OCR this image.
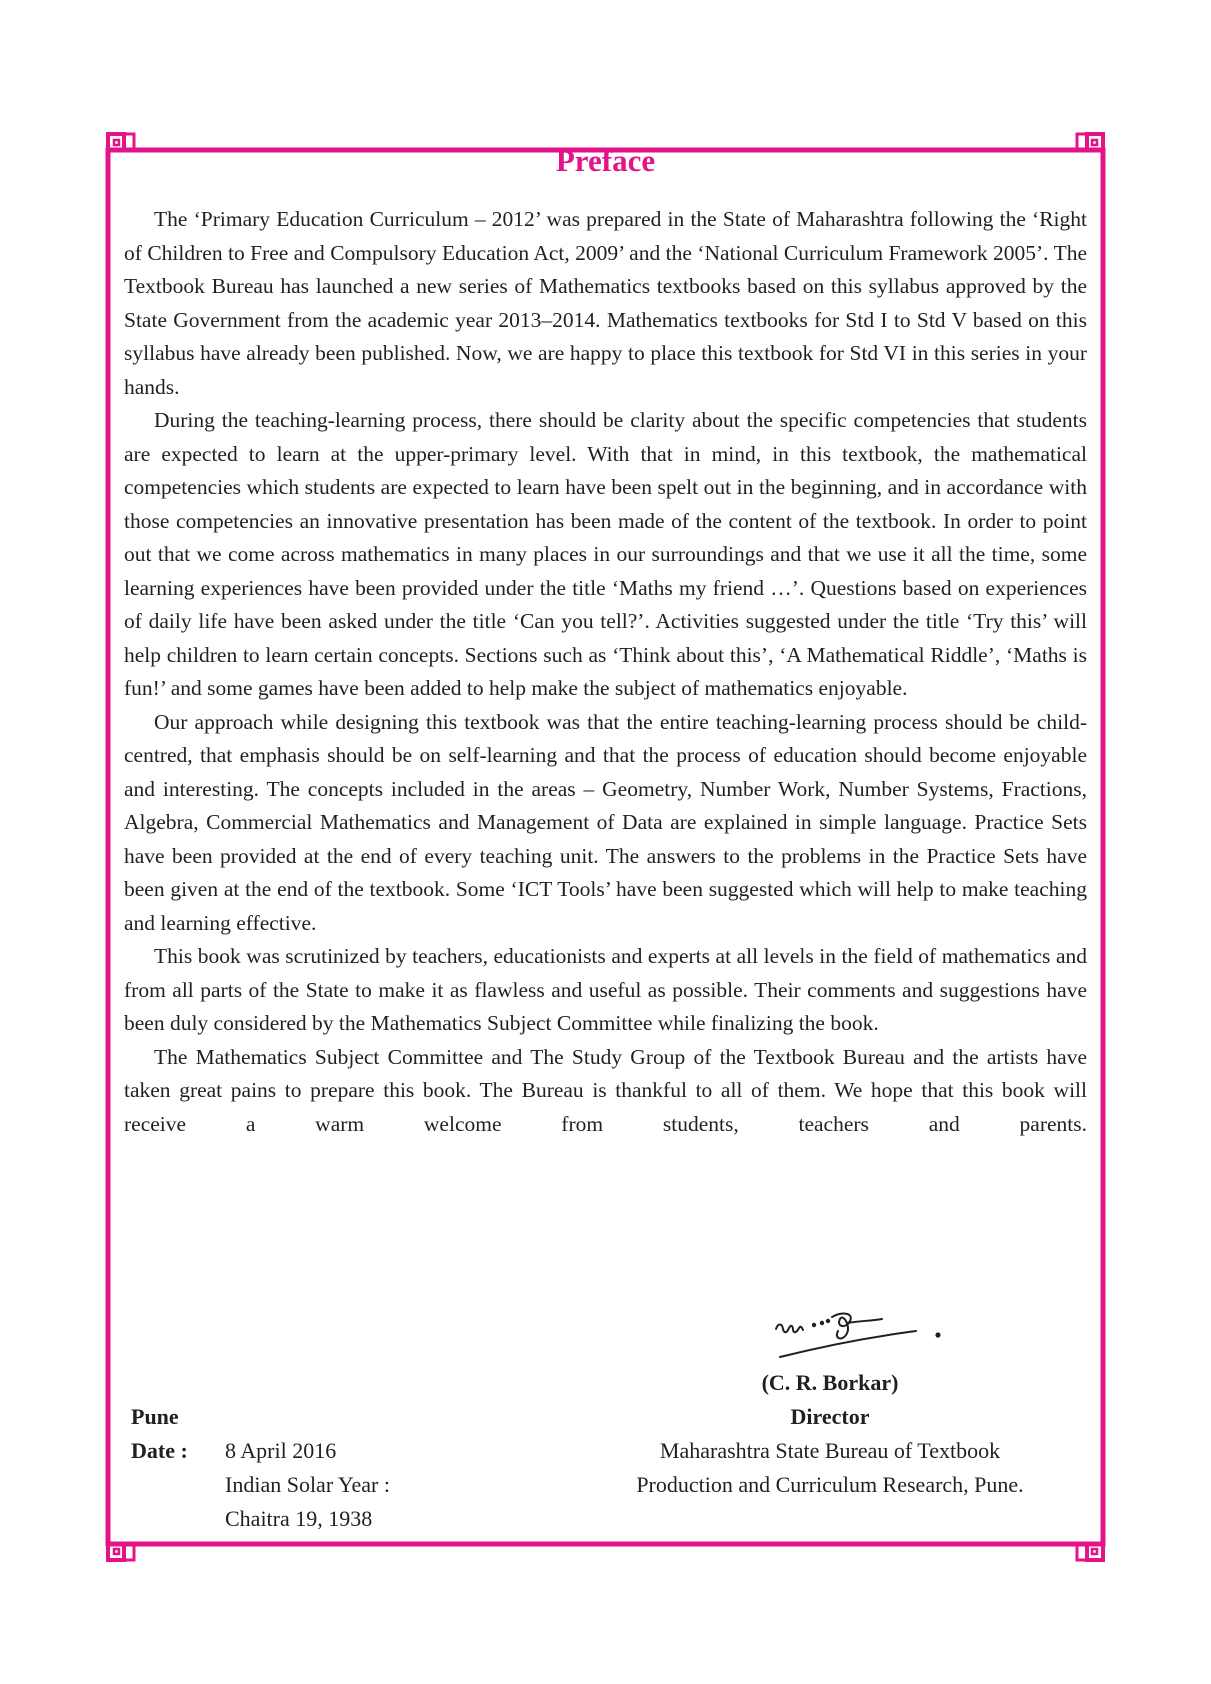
Preface

The ‘Primary Education Curriculum – 2012’ was prepared in the State of Maharashtra following the ‘Right of Children to Free and Compulsory Education Act, 2009’ and the ‘National Curriculum Framework 2005’. The Textbook Bureau has launched a new series of Mathematics textbooks based on this syllabus approved by the State Government from the academic year 2013–2014. Mathematics textbooks for Std I to Std V based on this syllabus have already been published. Now, we are happy to place this textbook for Std VI in this series in your hands.

During the teaching-learning process, there should be clarity about the specific competencies that students are expected to learn at the upper-primary level. With that in mind, in this textbook, the mathematical competencies which students are expected to learn have been spelt out in the beginning, and in accordance with those competencies an innovative presentation has been made of the content of the textbook. In order to point out that we come across mathematics in many places in our surroundings and that we use it all the time, some learning experiences have been provided under the title ‘Maths my friend …’. Questions based on experiences of daily life have been asked under the title ‘Can you tell?’. Activities suggested under the title ‘Try this’ will help children to learn certain concepts. Sections such as ‘Think about this’, ‘A Mathematical Riddle’, ‘Maths is fun!’ and some games have been added to help make the subject of mathematics enjoyable.

Our approach while designing this textbook was that the entire teaching-learning process should be child-centred, that emphasis should be on self-learning and that the process of education should become enjoyable and interesting. The concepts included in the areas – Geometry, Number Work, Number Systems, Fractions, Algebra, Commercial Mathematics and Management of Data are explained in simple language. Practice Sets have been provided at the end of every teaching unit. The answers to the problems in the Practice Sets have been given at the end of the textbook. Some ‘ICT Tools’ have been suggested which will help to make teaching and learning effective.

This book was scrutinized by teachers, educationists and experts at all levels in the field of mathematics and from all parts of the State to make it as flawless and useful as possible. Their comments and suggestions have been duly considered by the Mathematics Subject Committee while finalizing the book.

The Mathematics Subject Committee and The Study Group of the Textbook Bureau and the artists have taken great pains to prepare this book. The Bureau is thankful to all of them. We hope that this book will receive a warm welcome from students, teachers and parents.

(C. R. Borkar)
Director
Maharashtra State Bureau of Textbook
Production and Curriculum Research, Pune.
Pune
Date : 8 April 2016
Indian Solar Year :
Chaitra 19, 1938
